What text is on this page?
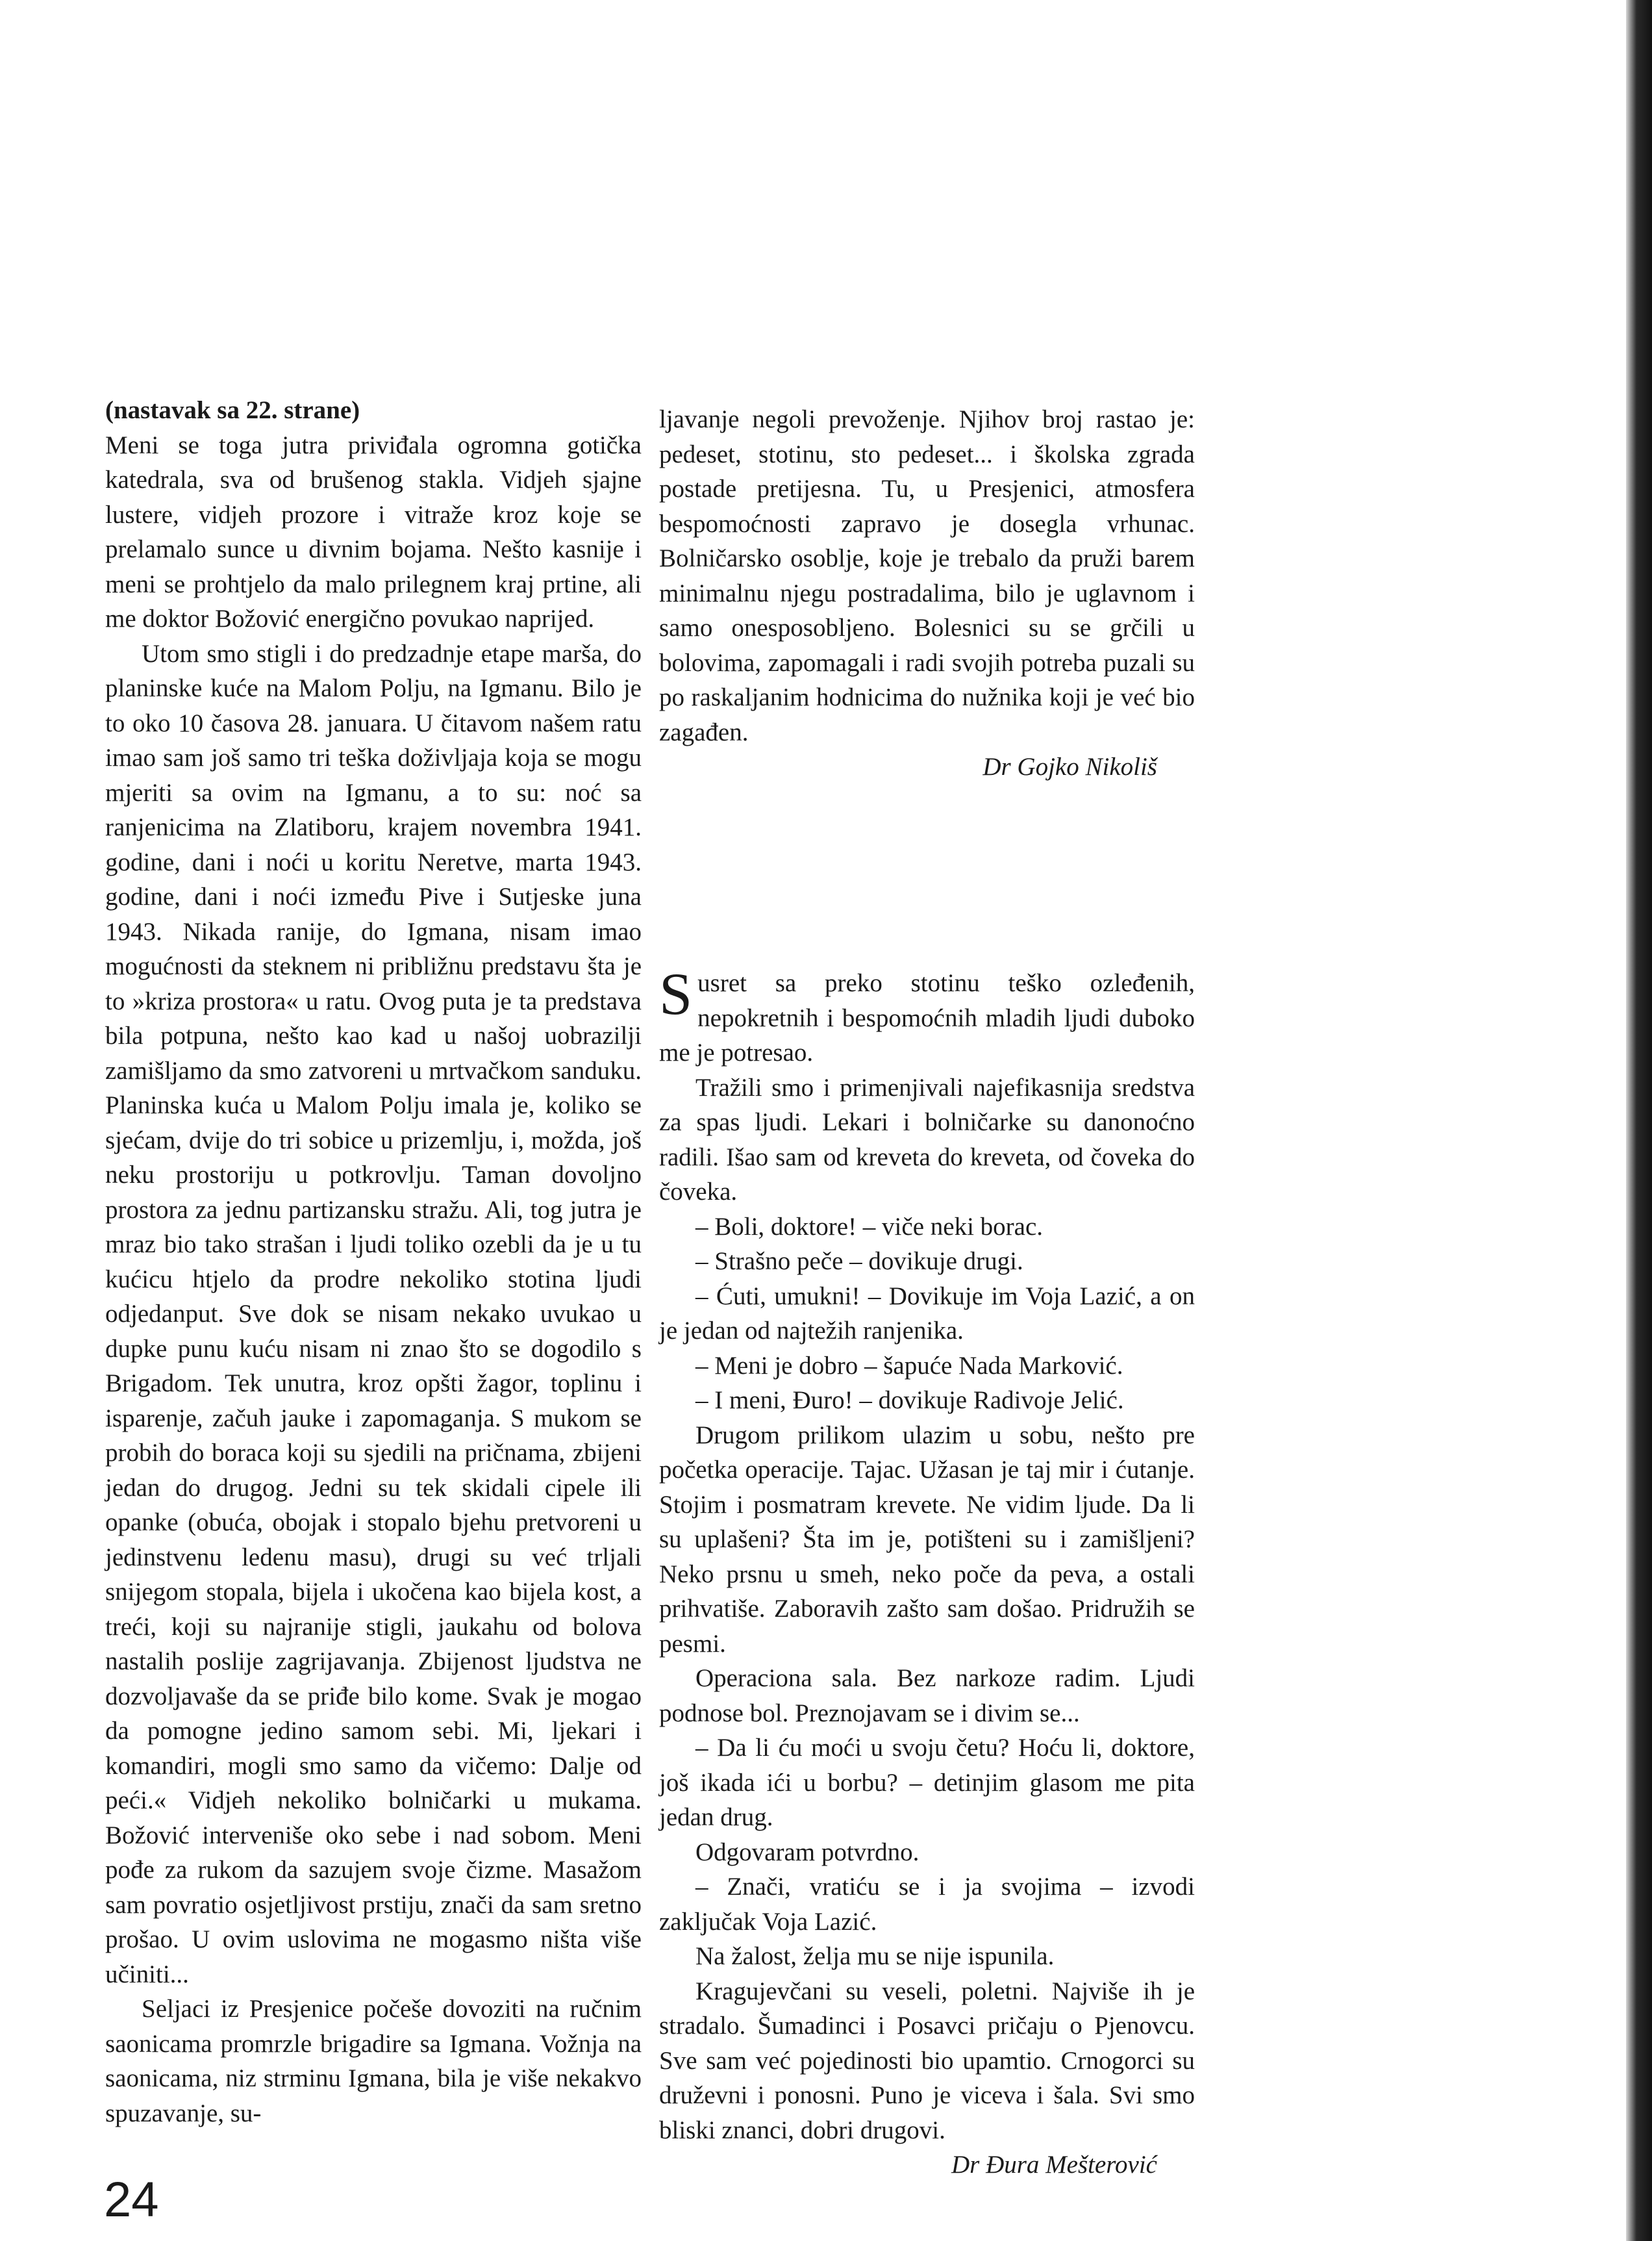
(nastavak sa 22. strane)

Meni se toga jutra priviđala ogromna gotička katedrala, sva od brušenog stakla. Vidjeh sjajne lustere, vidjeh prozore i vitraže kroz koje se prelamalo sunce u divnim bojama. Nešto kasnije i meni se prohtjelo da malo prilegnem kraj prtine, ali me doktor Božović energično povukao naprijed.

Utom smo stigli i do predzadnje etape marša, do planinske kuće na Malom Polju, na Igmanu. Bilo je to oko 10 časova 28. januara. U čitavom našem ratu imao sam još samo tri teška doživljaja koja se mogu mjeriti sa ovim na Igmanu, a to su: noć sa ranjenicima na Zlatiboru, krajem novembra 1941. godine, dani i noći u koritu Neretve, marta 1943. godine, dani i noći između Pive i Sutjeske juna 1943. Nikada ranije, do Igmana, nisam imao mogućnosti da steknem ni približnu predstavu šta je to »kriza prostora« u ratu. Ovog puta je ta predstava bila potpuna, nešto kao kad u našoj uobrazilji zamišljamo da smo zatvoreni u mrtvačkom sanduku. Planinska kuća u Malom Polju imala je, koliko se sjećam, dvije do tri sobice u prizemlju, i, možda, još neku prostoriju u potkrovlju. Taman dovoljno prostora za jednu partizansku stražu. Ali, tog jutra je mraz bio tako strašan i ljudi toliko ozebli da je u tu kućicu htjelo da prodre nekoliko stotina ljudi odjedanput. Sve dok se nisam nekako uvukao u dupke punu kuću nisam ni znao što se dogodilo s Brigadom. Tek unutra, kroz opšti žagor, toplinu i isparenje, začuh jauke i zapomaganja. S mukom se probih do boraca koji su sjedili na pričnama, zbijeni jedan do drugog. Jedni su tek skidali cipele ili opanke (obuća, obojak i stopalo bjehu pretvoreni u jedinstvenu ledenu masu), drugi su već trljali snijegom stopala, bijela i ukočena kao bijela kost, a treći, koji su najranije stigli, jaukahu od bolova nastalih poslije zagrijavanja. Zbijenost ljudstva ne dozvoljavaše da se priđe bilo kome. Svak je mogao da pomogne jedino samom sebi. Mi, ljekari i komandiri, mogli smo samo da vičemo: Dalje od peći.« Vidjeh nekoliko bolničarki u mukama. Božović interveniše oko sebe i nad sobom. Meni pođe za rukom da sazujem svoje čizme. Masažom sam povratio osjetljivost prstiju, znači da sam sretno prošao. U ovim uslovima ne mogasmo ništa više učiniti...

Seljaci iz Presjenice počeše dovoziti na ručnim saonicama promrzle brigadire sa Igmana. Vožnja na saonicama, niz strminu Igmana, bila je više nekakvo spuzavanje, su-

ljavanje negoli prevoženje. Njihov broj rastao je: pedeset, stotinu, sto pedeset... i školska zgrada postade pretijesna. Tu, u Presjenici, atmosfera bespomoćnosti zapravo je dosegla vrhunac. Bolničarsko osoblje, koje je trebalo da pruži barem minimalnu njegu postradalima, bilo je uglavnom i samo onesposobljeno. Bolesnici su se grčili u bolovima, zapomagali i radi svojih potreba puzali su po raskaljanim hodnicima do nužnika koji je već bio zagađen.

Dr Gojko Nikoliš

Susret sa preko stotinu teško ozleđenih, nepokretnih i bespomoćnih mladih ljudi duboko me je potresao.

Tražili smo i primenjivali najefikasnija sredstva za spas ljudi. Lekari i bolničarke su danonoćno radili. Išao sam od kreveta do kreveta, od čoveka do čoveka.

– Boli, doktore! – viče neki borac.

– Strašno peče – dovikuje drugi.

– Ćuti, umukni! – Dovikuje im Voja Lazić, a on je jedan od najtežih ranjenika.

– Meni je dobro – šapuće Nada Marković.

– I meni, Đuro! – dovikuje Radivoje Jelić.

Drugom prilikom ulazim u sobu, nešto pre početka operacije. Tajac. Užasan je taj mir i ćutanje. Stojim i posmatram krevete. Ne vidim ljude. Da li su uplašeni? Šta im je, potišteni su i zamišljeni? Neko prsnu u smeh, neko poče da peva, a ostali prihvatiše. Zaboravih zašto sam došao. Pridružih se pesmi.

Operaciona sala. Bez narkoze radim. Ljudi podnose bol. Preznojavam se i divim se...

– Da li ću moći u svoju četu? Hoću li, doktore, još ikada ići u borbu? – detinjim glasom me pita jedan drug.

Odgovaram potvrdno.

– Znači, vratiću se i ja svojima – izvodi zaključak Voja Lazić.

Na žalost, želja mu se nije ispunila.

Kragujevčani su veseli, poletni. Najviše ih je stradalo. Šumadinci i Posavci pričaju o Pjenovcu. Sve sam već pojedinosti bio upamtio. Crnogorci su druževni i ponosni. Puno je viceva i šala. Svi smo bliski znanci, dobri drugovi.

Dr Đura Mešterović

24
